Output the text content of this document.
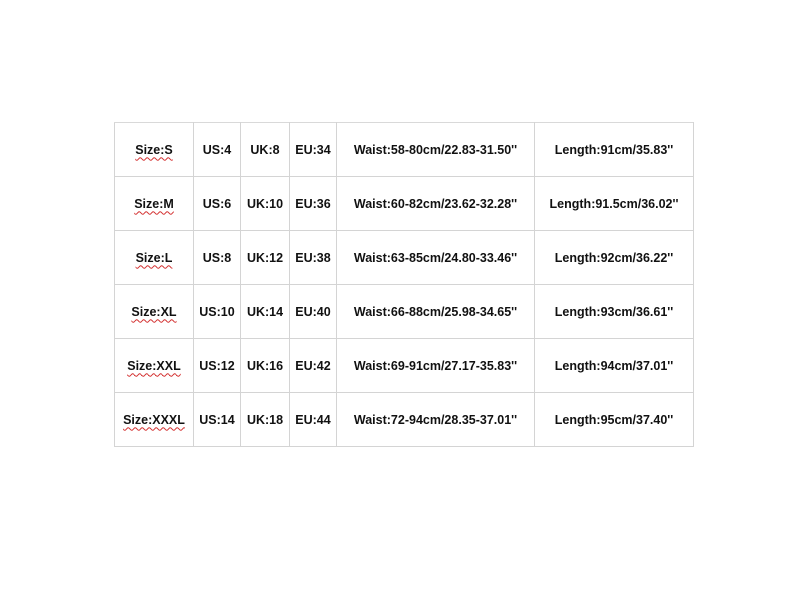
Size:S	US:4	UK:8	EU:34	Waist:58-80cm/22.83-31.50''	Length:91cm/35.83''
Size:M	US:6	UK:10	EU:36	Waist:60-82cm/23.62-32.28''	Length:91.5cm/36.02''
Size:L	US:8	UK:12	EU:38	Waist:63-85cm/24.80-33.46''	Length:92cm/36.22''
Size:XL	US:10	UK:14	EU:40	Waist:66-88cm/25.98-34.65''	Length:93cm/36.61''
Size:XXL	US:12	UK:16	EU:42	Waist:69-91cm/27.17-35.83''	Length:94cm/37.01''
Size:XXXL	US:14	UK:18	EU:44	Waist:72-94cm/28.35-37.01''	Length:95cm/37.40''
